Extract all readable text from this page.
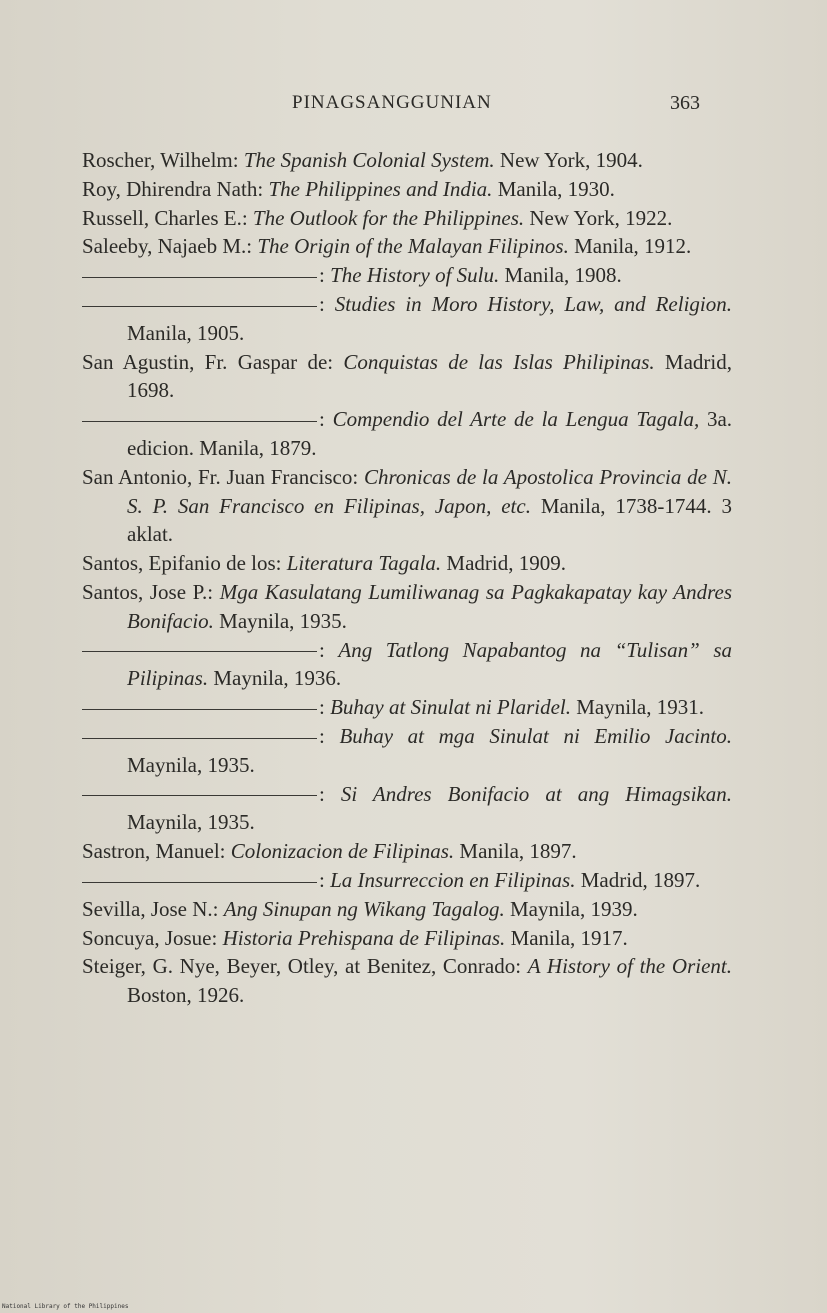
PINAGSANGGUNIAN	363
Roscher, Wilhelm: The Spanish Colonial System. New York, 1904.
Roy, Dhirendra Nath: The Philippines and India. Manila, 1930.
Russell, Charles E.: The Outlook for the Philippines. New York, 1922.
Saleeby, Najaeb M.: The Origin of the Malayan Filipinos. Manila, 1912.
: The History of Sulu. Manila, 1908.
: Studies in Moro History, Law, and Religion. Manila, 1905.
San Agustin, Fr. Gaspar de: Conquistas de las Islas Philipinas. Madrid, 1698.
: Compendio del Arte de la Lengua Tagala, 3a. edicion. Manila, 1879.
San Antonio, Fr. Juan Francisco: Chronicas de la Apostolica Provincia de N. S. P. San Francisco en Filipinas, Japon, etc. Manila, 1738-1744. 3 aklat.
Santos, Epifanio de los: Literatura Tagala. Madrid, 1909.
Santos, Jose P.: Mga Kasulatang Lumiliwanag sa Pagkakapatay kay Andres Bonifacio. Maynila, 1935.
: Ang Tatlong Napabantog na “Tulisan” sa Pilipinas. Maynila, 1936.
: Buhay at Sinulat ni Plaridel. Maynila, 1931.
: Buhay at mga Sinulat ni Emilio Jacinto. Maynila, 1935.
: Si Andres Bonifacio at ang Himagsikan. Maynila, 1935.
Sastron, Manuel: Colonizacion de Filipinas. Manila, 1897.
: La Insurreccion en Filipinas. Madrid, 1897.
Sevilla, Jose N.: Ang Sinupan ng Wikang Tagalog. Maynila, 1939.
Soncuya, Josue: Historia Prehispana de Filipinas. Manila, 1917.
Steiger, G. Nye, Beyer, Otley, at Benitez, Conrado: A History of the Orient. Boston, 1926.
National Library of the Philippines
